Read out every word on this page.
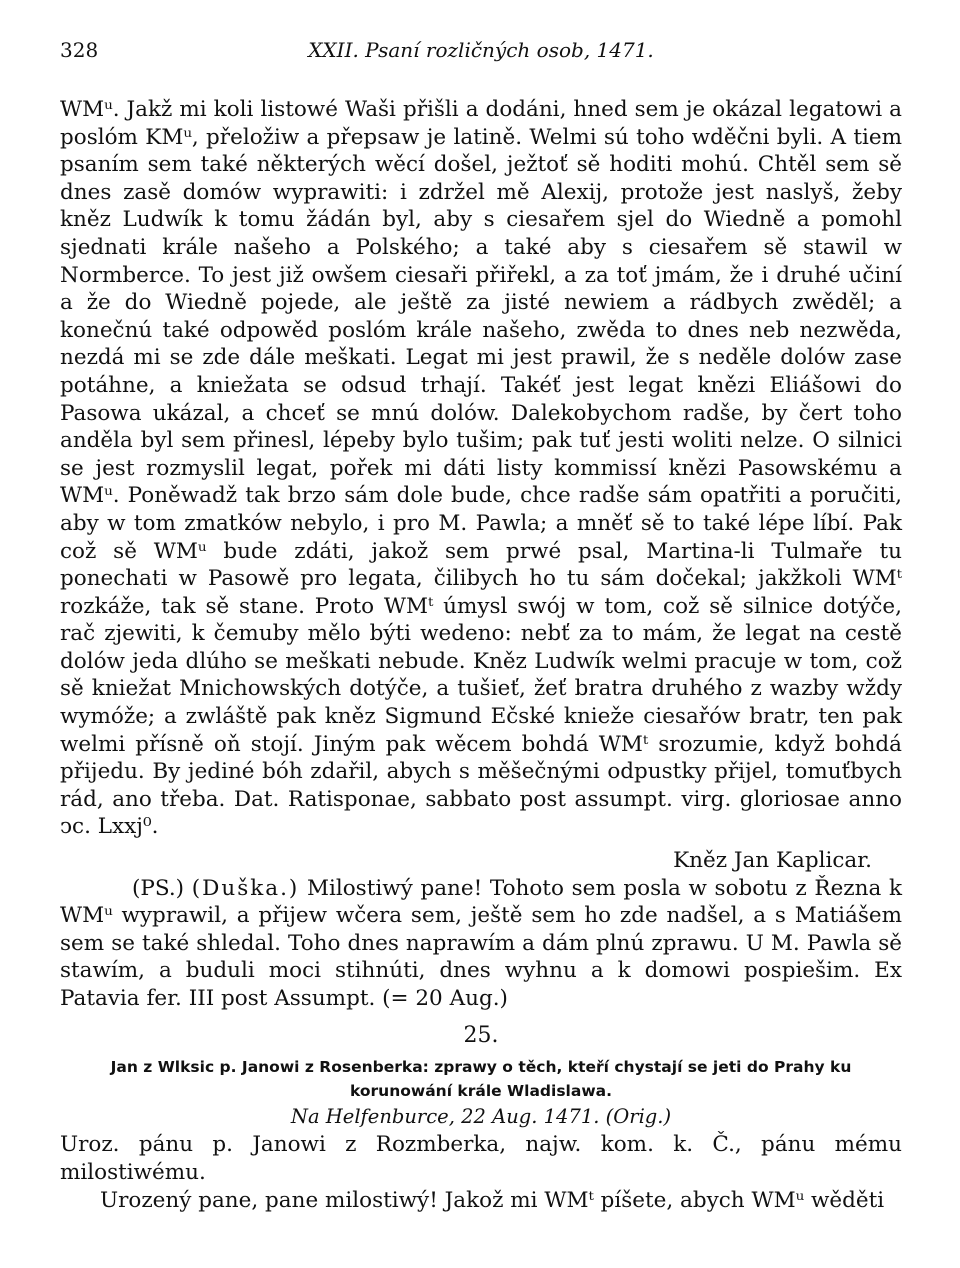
328	XXII. Psaní rozličných osob, 1471.

WMᵘ. Jakž mi koli listowé Waši přišli a dodáni, hned sem je okázal legatowi a poslóm KMᵘ, přeložiw a přepsaw je latině. Welmi sú toho wděčni byli. A tiem psaním sem také některých wěcí došel, ježtoť sě hoditi mohú. Chtěl sem sě dnes zasě domów wyprawiti: i zdržel mě Alexij, protože jest naslyš, žeby kněz Ludwík k tomu žádán byl, aby s ciesařem sjel do Wiedně a pomohl sjednati krále našeho a Polského; a také aby s ciesařem sě stawil w Normberce. To jest již owšem ciesaři přiřekl, a za toť jmám, že i druhé učiní a že do Wiedně pojede, ale ještě za jisté newiem a rádbych zwěděl; a konečnú také odpowěd poslóm krále našeho, zwěda to dnes neb nezwěda, nezdá mi se zde dále meškati. Legat mi jest prawil, že s neděle dolów zase potáhne, a kniežata se odsud trhají. Takéť jest legat knězi Eliášowi do Pasowa ukázal, a chceť se mnú dolów. Dalekobychom radše, by čert toho anděla byl sem přinesl, lépeby bylo tušim; pak tuť jesti woliti nelze. O silnici se jest rozmyslil legat, pořek mi dáti listy kommissí knězi Pasowskému a WMᵘ. Poněwadž tak brzo sám dole bude, chce radše sám opatřiti a poručiti, aby w tom zmatków nebylo, i pro M. Pawla; a mněť sě to také lépe líbí. Pak což sě WMᵘ bude zdáti, jakož sem prwé psal, Martina-li Tulmaře tu ponechati w Pasowě pro legata, čilibych ho tu sám dočekal; jakžkoli WMᵗ rozkáže, tak sě stane. Proto WMᵗ úmysl swój w tom, což sě silnice dotýče, rač zjewiti, k čemuby mělo býti wedeno: nebť za to mám, že legat na cestě dolów jeda dlúho se meškati nebude. Kněz Ludwík welmi pracuje w tom, což sě kniežat Mnichowských dotýče, a tušieť, žeť bratra druhého z wazby wždy wymóže; a zwláště pak kněz Sigmund Ečské knieže ciesařów bratr, ten pak welmi přísně oň stojí. Jiným pak wěcem bohdá WMᵗ srozumie, když bohdá přijedu. By jediné bóh zdařil, abych s měšečnými odpustky přijel, tomuťbych rád, ano třeba. Dat. Ratisponae, sabbato post assumpt. virg. gloriosae anno ͻc. Lxxj⁰.

Kněz Jan Kaplicar.

(PS.) (Duška.) Milostiwý pane! Tohoto sem posla w sobotu z Řezna k WMᵘ wyprawil, a přijew wčera sem, ještě sem ho zde nadšel, a s Matiášem sem se také shledal. Toho dnes naprawím a dám plnú zprawu. U M. Pawla sě stawím, a buduli moci stihnúti, dnes wyhnu a k domowi pospiešim. Ex Patavia fer. III post Assumpt. (= 20 Aug.)

25.
Jan z Wlksic p. Janowi z Rosenberka: zprawy o těch, kteří chystají se jeti do Prahy ku korunowání krále Wladislawa.
Na Helfenburce, 22 Aug. 1471. (Orig.)

Uroz. pánu p. Janowi z Rozmberka, najw. kom. k. Č., pánu mému milostiwému.

Urozený pane, pane milostiwý! Jakož mi WMᵗ píšete, abych WMᵘ wěděti
